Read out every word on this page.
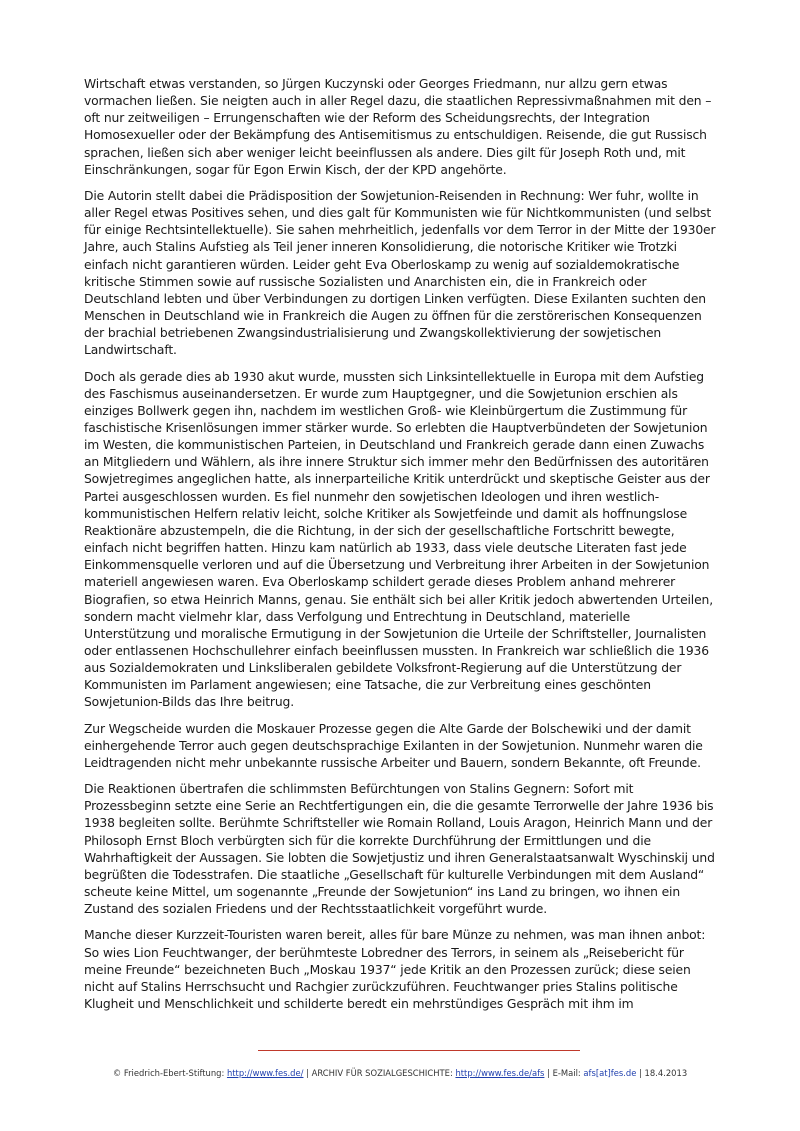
Wirtschaft etwas verstanden, so Jürgen Kuczynski oder Georges Friedmann, nur allzu gern etwas vormachen ließen. Sie neigten auch in aller Regel dazu, die staatlichen Repressivmaßnahmen mit den – oft nur zeitweiligen – Errungenschaften wie der Reform des Scheidungsrechts, der Integration Homosexueller oder der Bekämpfung des Antisemitismus zu entschuldigen. Reisende, die gut Russisch sprachen, ließen sich aber weniger leicht beeinflussen als andere. Dies gilt für Joseph Roth und, mit Einschränkungen, sogar für Egon Erwin Kisch, der der KPD angehörte.

Die Autorin stellt dabei die Prädisposition der Sowjetunion-Reisenden in Rechnung: Wer fuhr, wollte in aller Regel etwas Positives sehen, und dies galt für Kommunisten wie für Nichtkommunisten (und selbst für einige Rechtsintellektuelle). Sie sahen mehrheitlich, jedenfalls vor dem Terror in der Mitte der 1930er Jahre, auch Stalins Aufstieg als Teil jener inneren Konsolidierung, die notorische Kritiker wie Trotzki einfach nicht garantieren würden. Leider geht Eva Oberloskamp zu wenig auf sozialdemokratische kritische Stimmen sowie auf russische Sozialisten und Anarchisten ein, die in Frankreich oder Deutschland lebten und über Verbindungen zu dortigen Linken verfügten. Diese Exilanten suchten den Menschen in Deutschland wie in Frankreich die Augen zu öffnen für die zerstörerischen Konsequenzen der brachial betriebenen Zwangsindustrialisierung und Zwangskollektivierung der sowjetischen Landwirtschaft.

Doch als gerade dies ab 1930 akut wurde, mussten sich Linksintellektuelle in Europa mit dem Aufstieg des Faschismus auseinandersetzen. Er wurde zum Hauptgegner, und die Sowjetunion erschien als einziges Bollwerk gegen ihn, nachdem im westlichen Groß- wie Kleinbürgertum die Zustimmung für faschistische Krisenlösungen immer stärker wurde. So erlebten die Hauptverbündeten der Sowjetunion im Westen, die kommunistischen Parteien, in Deutschland und Frankreich gerade dann einen Zuwachs an Mitgliedern und Wählern, als ihre innere Struktur sich immer mehr den Bedürfnissen des autoritären Sowjetregimes angeglichen hatte, als innerparteiliche Kritik unterdrückt und skeptische Geister aus der Partei ausgeschlossen wurden. Es fiel nunmehr den sowjetischen Ideologen und ihren westlich-kommunistischen Helfern relativ leicht, solche Kritiker als Sowjetfeinde und damit als hoffnungslose Reaktionäre abzustempeln, die die Richtung, in der sich der gesellschaftliche Fortschritt bewegte, einfach nicht begriffen hatten. Hinzu kam natürlich ab 1933, dass viele deutsche Literaten fast jede Einkommensquelle verloren und auf die Übersetzung und Verbreitung ihrer Arbeiten in der Sowjetunion materiell angewiesen waren. Eva Oberloskamp schildert gerade dieses Problem anhand mehrerer Biografien, so etwa Heinrich Manns, genau. Sie enthält sich bei aller Kritik jedoch abwertenden Urteilen, sondern macht vielmehr klar, dass Verfolgung und Entrechtung in Deutschland, materielle Unterstützung und moralische Ermutigung in der Sowjetunion die Urteile der Schriftsteller, Journalisten oder entlassenen Hochschullehrer einfach beeinflussen mussten. In Frankreich war schließlich die 1936 aus Sozialdemokraten und Linksliberalen gebildete Volksfront-Regierung auf die Unterstützung der Kommunisten im Parlament angewiesen; eine Tatsache, die zur Verbreitung eines geschönten Sowjetunion-Bilds das Ihre beitrug.

Zur Wegscheide wurden die Moskauer Prozesse gegen die Alte Garde der Bolschewiki und der damit einhergehende Terror auch gegen deutschsprachige Exilanten in der Sowjetunion. Nunmehr waren die Leidtragenden nicht mehr unbekannte russische Arbeiter und Bauern, sondern Bekannte, oft Freunde.

Die Reaktionen übertrafen die schlimmsten Befürchtungen von Stalins Gegnern: Sofort mit Prozessbeginn setzte eine Serie an Rechtfertigungen ein, die die gesamte Terrorwelle der Jahre 1936 bis 1938 begleiten sollte. Berühmte Schriftsteller wie Romain Rolland, Louis Aragon, Heinrich Mann und der Philosoph Ernst Bloch verbürgten sich für die korrekte Durchführung der Ermittlungen und die Wahrhaftigkeit der Aussagen. Sie lobten die Sowjetjustiz und ihren Generalstaatsanwalt Wyschinskij und begrüßten die Todesstrafen. Die staatliche „Gesellschaft für kulturelle Verbindungen mit dem Ausland“ scheute keine Mittel, um sogenannte „Freunde der Sowjetunion“ ins Land zu bringen, wo ihnen ein Zustand des sozialen Friedens und der Rechtsstaatlichkeit vorgeführt wurde.

Manche dieser Kurzzeit-Touristen waren bereit, alles für bare Münze zu nehmen, was man ihnen anbot: So wies Lion Feuchtwanger, der berühmteste Lobredner des Terrors, in seinem als „Reisebericht für meine Freunde“ bezeichneten Buch „Moskau 1937“ jede Kritik an den Prozessen zurück; diese seien nicht auf Stalins Herrschsucht und Rachgier zurückzuführen. Feuchtwanger pries Stalins politische Klugheit und Menschlichkeit und schilderte beredt ein mehrstündiges Gespräch mit ihm im

© Friedrich-Ebert-Stiftung: http://www.fes.de/ | ARCHIV FÜR SOZIALGESCHICHTE: http://www.fes.de/afs | E-Mail: afs[at]fes.de | 18.4.2013
